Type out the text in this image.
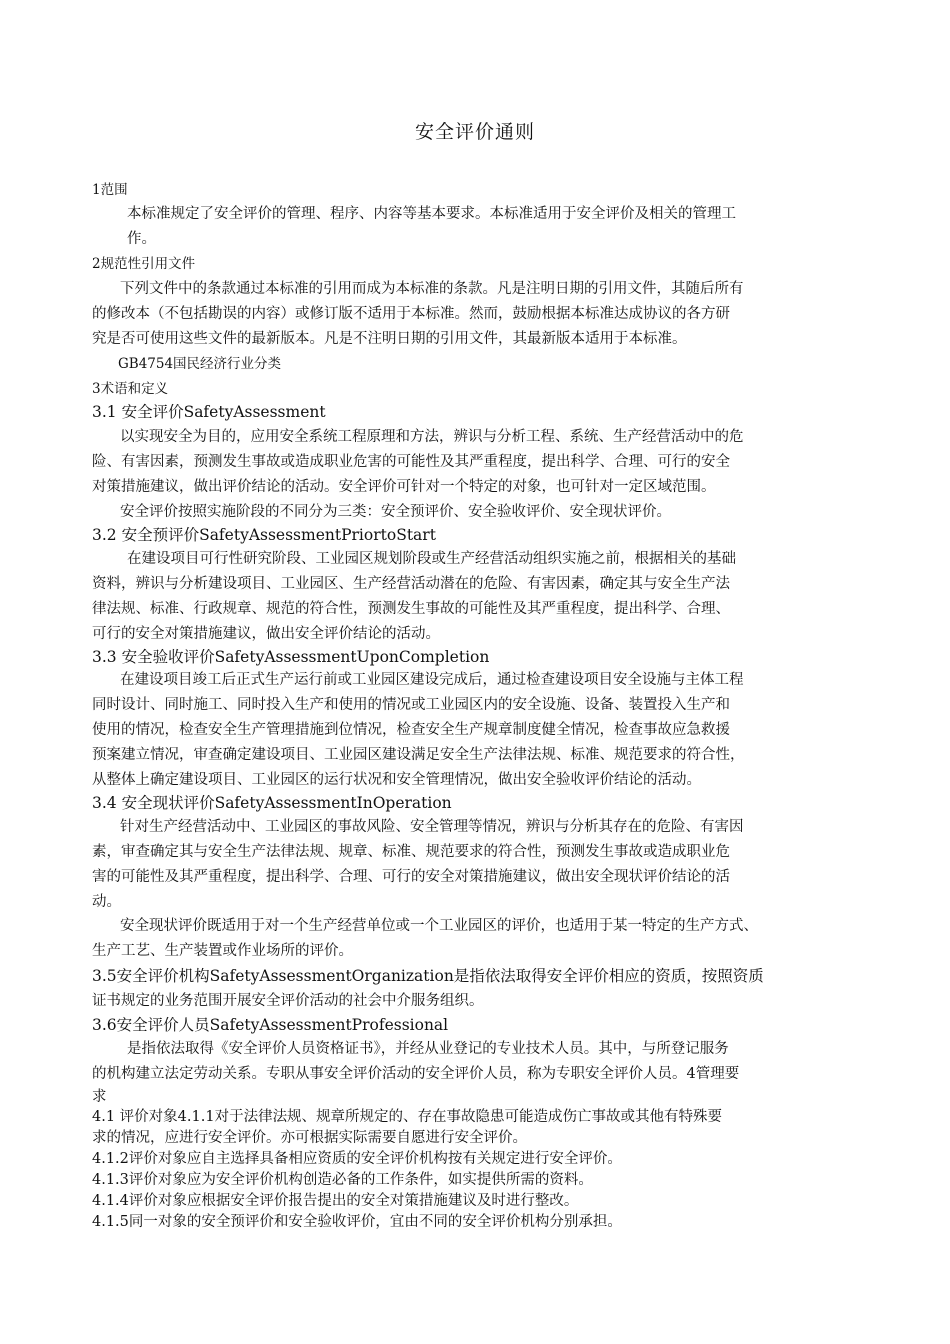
安全评价通则
1范围
本标准规定了安全评价的管理、程序、内容等基本要求。本标准适用于安全评价及相关的管理工
作。
2规范性引用文件
下列文件中的条款通过本标准的引用而成为本标准的条款。凡是注明日期的引用文件，其随后所有
的修改本（不包括勘误的内容）或修订版不适用于本标准。然而，鼓励根据本标准达成协议的各方研
究是否可使用这些文件的最新版本。凡是不注明日期的引用文件，其最新版本适用于本标准。
GB4754国民经济行业分类
3术语和定义
3.1 安全评价SafetyAssessment
以实现安全为目的，应用安全系统工程原理和方法，辨识与分析工程、系统、生产经营活动中的危
险、有害因素，预测发生事故或造成职业危害的可能性及其严重程度，提出科学、合理、可行的安全
对策措施建议，做出评价结论的活动。安全评价可针对一个特定的对象，也可针对一定区域范围。
安全评价按照实施阶段的不同分为三类：安全预评价、安全验收评价、安全现状评价。
3.2 安全预评价SafetyAssessmentPriortoStart
在建设项目可行性研究阶段、工业园区规划阶段或生产经营活动组织实施之前，根据相关的基础
资料，辨识与分析建设项目、工业园区、生产经营活动潜在的危险、有害因素，确定其与安全生产法
律法规、标准、行政规章、规范的符合性，预测发生事故的可能性及其严重程度，提出科学、合理、
可行的安全对策措施建议，做出安全评价结论的活动。
3.3 安全验收评价SafetyAssessmentUponCompletion
在建设项目竣工后正式生产运行前或工业园区建设完成后，通过检查建设项目安全设施与主体工程
同时设计、同时施工、同时投入生产和使用的情况或工业园区内的安全设施、设备、装置投入生产和
使用的情况，检查安全生产管理措施到位情况，检查安全生产规章制度健全情况，检查事故应急救援
预案建立情况，审查确定建设项目、工业园区建设满足安全生产法律法规、标准、规范要求的符合性，
从整体上确定建设项目、工业园区的运行状况和安全管理情况，做出安全验收评价结论的活动。
3.4 安全现状评价SafetyAssessmentInOperation
针对生产经营活动中、工业园区的事故风险、安全管理等情况，辨识与分析其存在的危险、有害因
素，审查确定其与安全生产法律法规、规章、标准、规范要求的符合性，预测发生事故或造成职业危
害的可能性及其严重程度，提出科学、合理、可行的安全对策措施建议，做出安全现状评价结论的活
动。
安全现状评价既适用于对一个生产经营单位或一个工业园区的评价，也适用于某一特定的生产方式、
生产工艺、生产装置或作业场所的评价。
3.5安全评价机构SafetyAssessmentOrganization是指依法取得安全评价相应的资质，按照资质
证书规定的业务范围开展安全评价活动的社会中介服务组织。
3.6安全评价人员SafetyAssessmentProfessional
是指依法取得《安全评价人员资格证书》，并经从业登记的专业技术人员。其中，与所登记服务
的机构建立法定劳动关系。专职从事安全评价活动的安全评价人员，称为专职安全评价人员。4管理要
求
4.1 评价对象4.1.1对于法律法规、规章所规定的、存在事故隐患可能造成伤亡事故或其他有特殊要
求的情况，应进行安全评价。亦可根据实际需要自愿进行安全评价。
4.1.2评价对象应自主选择具备相应资质的安全评价机构按有关规定进行安全评价。
4.1.3评价对象应为安全评价机构创造必备的工作条件，如实提供所需的资料。
4.1.4评价对象应根据安全评价报告提出的安全对策措施建议及时进行整改。
4.1.5同一对象的安全预评价和安全验收评价，宜由不同的安全评价机构分别承担。
